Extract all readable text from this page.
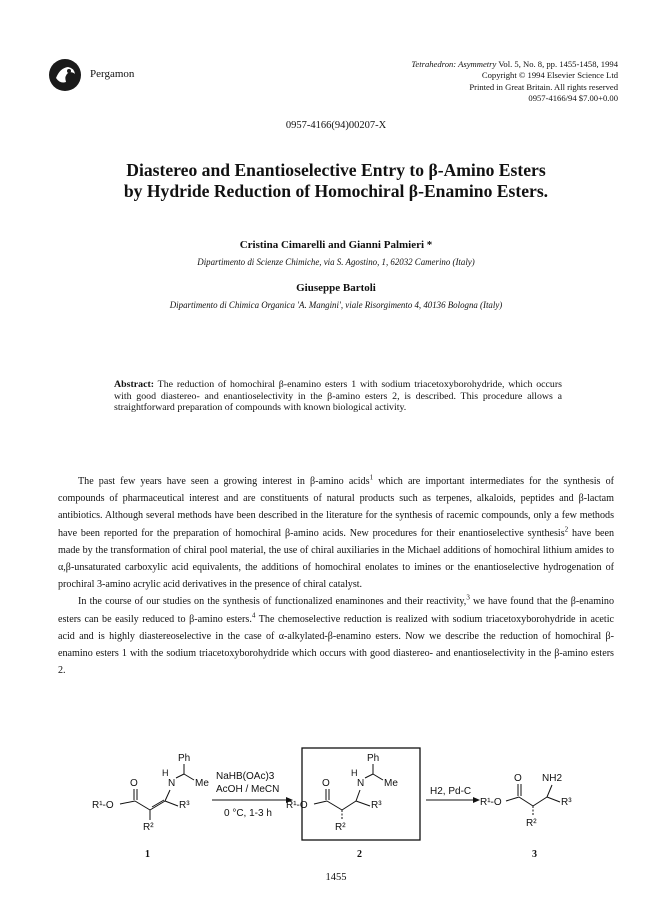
Pergamon
Tetrahedron: Asymmetry Vol. 5, No. 8, pp. 1455-1458, 1994
Copyright © 1994 Elsevier Science Ltd
Printed in Great Britain. All rights reserved
0957-4166/94 $7.00+0.00
0957-4166(94)00207-X
Diastereo and Enantioselective Entry to β-Amino Esters
by Hydride Reduction of Homochiral β-Enamino Esters.
Cristina Cimarelli and Gianni Palmieri *
Dipartimento di Scienze Chimiche, via S. Agostino, 1, 62032 Camerino (Italy)
Giuseppe Bartoli
Dipartimento di Chimica Organica 'A. Mangini', viale Risorgimento 4, 40136 Bologna (Italy)
Abstract: The reduction of homochiral β-enamino esters 1 with sodium triacetoxyborohydride, which occurs with good diastereo- and enantioselectivity in the β-amino esters 2, is described. This procedure allows a straightforward preparation of compounds with known biological activity.

The past few years have seen a growing interest in β-amino acids$^1$ which are important intermediates for the synthesis of compounds of pharmaceutical interest and are constituents of natural products such as terpenes, alkaloids, peptides and β-lactam antibiotics. Although several methods have been described in the literature for the synthesis of racemic compounds, only a few methods have been reported for the preparation of homochiral β-amino acids. New procedures for their enantioselective synthesis$^2$ have been made by the transformation of chiral pool material, the use of chiral auxiliaries in the Michael additions of homochiral lithium amides to α,β-unsaturated carboxylic acid equivalents, the additions of homochiral enolates to imines or the enantioselective hydrogenation of prochiral 3-amino acrylic acid derivatives in the presence of chiral catalyst.

In the course of our studies on the synthesis of functionalized enaminones and their reactivity,$^3$ we have found that the β-enamino esters can be easily reduced to β-amino esters.$^4$ The chemoselective reduction is realized with sodium triacetoxyborohydride in acetic acid and is highly diastereoselective in the case of α-alkylated-β-enamino esters. Now we describe the reduction of homochiral β-enamino esters 1 with the sodium triacetoxyborohydride which occurs with good diastereo- and enantioselectivity in the β-amino esters 2.

Ph
Me
H
N
O
R³
R²
R¹-O
1
NaHB(OAc)3
AcOH / MeCN
0 °C, 1-3 h
Ph
Me
H
N
O
R³
R²
R¹-O
2
H2, Pd-C
O NH2
R³
R²
R¹-O
3
1455
